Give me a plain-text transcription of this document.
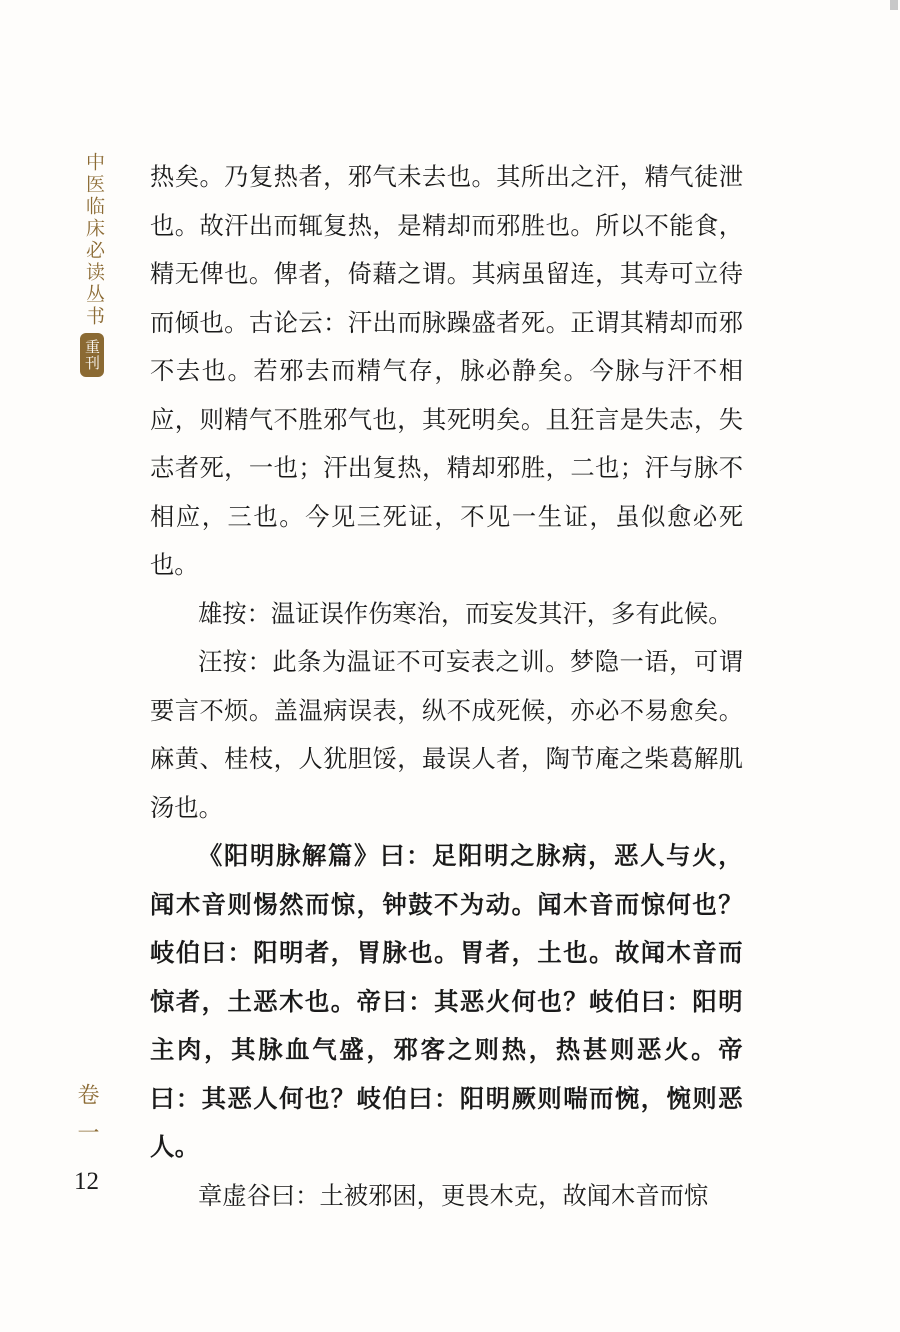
中医临床必读丛书
重刊
卷一
12

热矣。乃复热者，邪气未去也。其所出之汗，精气徒泄也。故汗出而辄复热，是精却而邪胜也。所以不能食，精无俾也。俾者，倚藉之谓。其病虽留连，其寿可立待而倾也。古论云：汗出而脉躁盛者死。正谓其精却而邪不去也。若邪去而精气存，脉必静矣。今脉与汗不相应，则精气不胜邪气也，其死明矣。且狂言是失志，失志者死，一也；汗出复热，精却邪胜，二也；汗与脉不相应，三也。今见三死证，不见一生证，虽似愈必死也。

雄按：温证误作伤寒治，而妄发其汗，多有此候。

汪按：此条为温证不可妄表之训。梦隐一语，可谓要言不烦。盖温病误表，纵不成死候，亦必不易愈矣。麻黄、桂枝，人犹胆馁，最误人者，陶节庵之柴葛解肌汤也。

《阳明脉解篇》曰：足阳明之脉病，恶人与火，闻木音则惕然而惊，钟鼓不为动。闻木音而惊何也？岐伯曰：阳明者，胃脉也。胃者，土也。故闻木音而惊者，土恶木也。帝曰：其恶火何也？岐伯曰：阳明主肉，其脉血气盛，邪客之则热，热甚则恶火。帝曰：其恶人何也？岐伯曰：阳明厥则喘而惋，惋则恶人。

章虚谷曰：土被邪困，更畏木克，故闻木音而惊
